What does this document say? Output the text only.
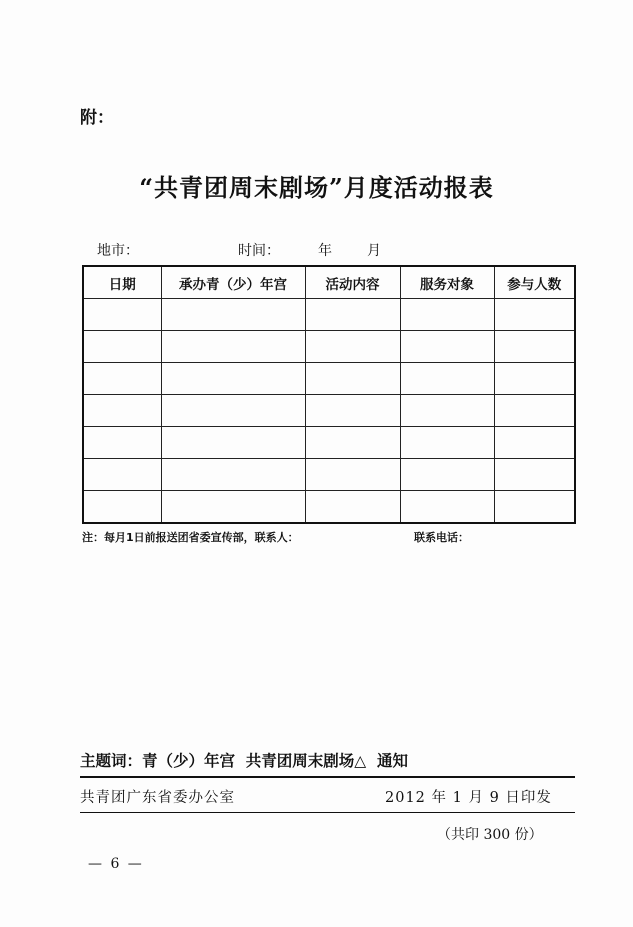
附：
“共青团周末剧场”月度活动报表
地市：	时间：	年	月
日期	承办青（少）年宫	活动内容	服务对象	参与人数

注：每月1日前报送团省委宣传部，联系人：	联系电话：
主题词：青（少）年宫  共青团周末剧场△  通知
共青团广东省委办公室	2012 年 1 月 9 日印发
（共印 300 份）
— 6 —
